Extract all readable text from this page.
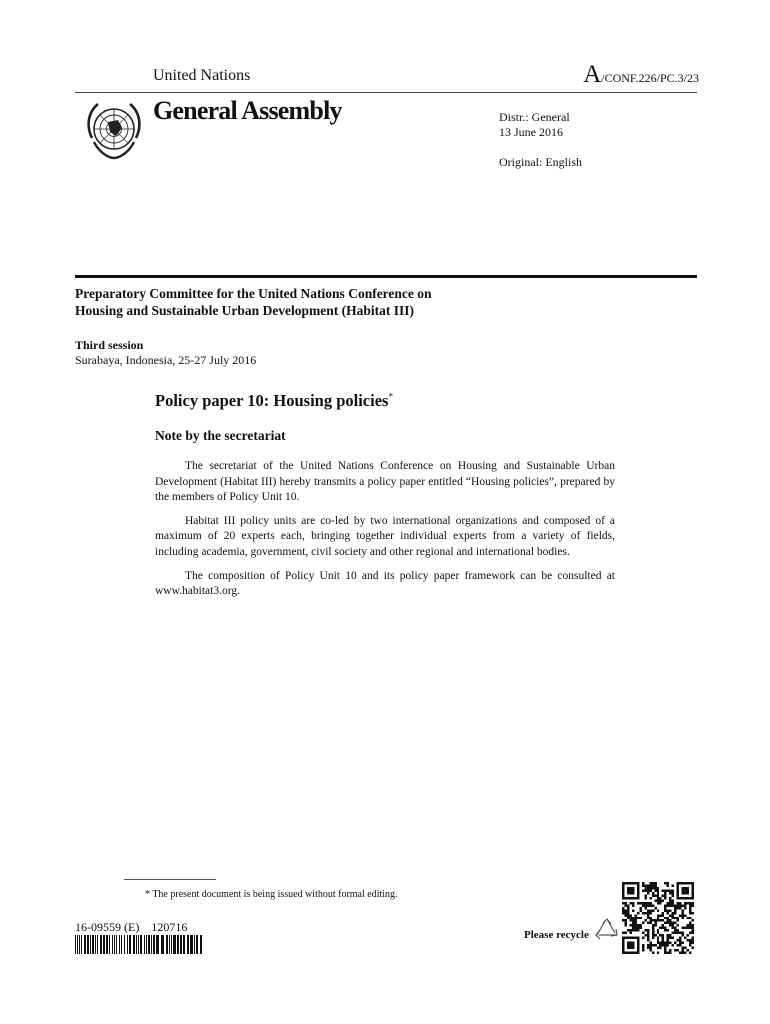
United Nations	A/CONF.226/PC.3/23
General Assembly	Distr.: General
13 June 2016
Original: English
Preparatory Committee for the United Nations Conference on Housing and Sustainable Urban Development (Habitat III)
Third session
Surabaya, Indonesia, 25-27 July 2016
Policy paper 10: Housing policies*
Note by the secretariat

The secretariat of the United Nations Conference on Housing and Sustainable Urban Development (Habitat III) hereby transmits a policy paper entitled “Housing policies”, prepared by the members of Policy Unit 10.

Habitat III policy units are co-led by two international organizations and composed of a maximum of 20 experts each, bringing together individual experts from a variety of fields, including academia, government, civil society and other regional and international bodies.

The composition of Policy Unit 10 and its policy paper framework can be consulted at www.habitat3.org.

* The present document is being issued without formal editing.
16-09559 (E) 120716
Please recycle
